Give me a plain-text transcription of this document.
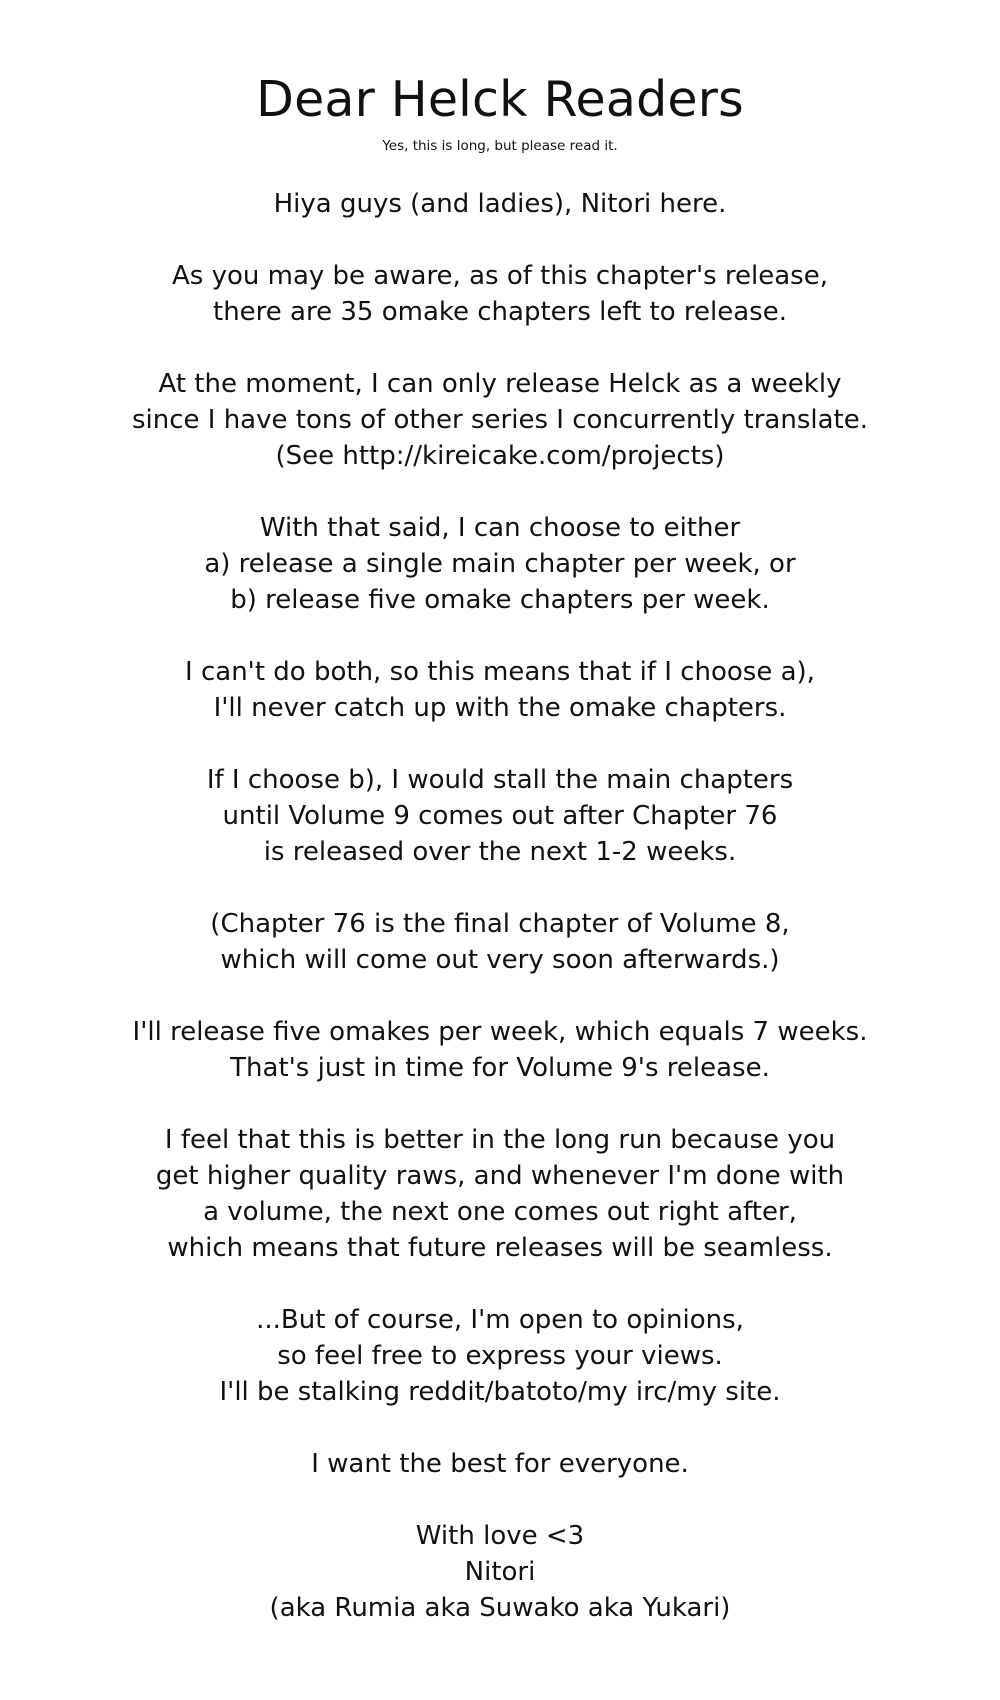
Dear Helck Readers
Yes, this is long, but please read it.

Hiya guys (and ladies), Nitori here.

As you may be aware, as of this chapter's release,
there are 35 omake chapters left to release.

At the moment, I can only release Helck as a weekly
since I have tons of other series I concurrently translate.
(See http://kireicake.com/projects)

With that said, I can choose to either
a) release a single main chapter per week, or
b) release five omake chapters per week.

I can't do both, so this means that if I choose a),
I'll never catch up with the omake chapters.

If I choose b), I would stall the main chapters
until Volume 9 comes out after Chapter 76
is released over the next 1-2 weeks.

(Chapter 76 is the final chapter of Volume 8,
which will come out very soon afterwards.)

I'll release five omakes per week, which equals 7 weeks.
That's just in time for Volume 9's release.

I feel that this is better in the long run because you
get higher quality raws, and whenever I'm done with
a volume, the next one comes out right after,
which means that future releases will be seamless.

...But of course, I'm open to opinions,
so feel free to express your views.
I'll be stalking reddit/batoto/my irc/my site.

I want the best for everyone.

With love <3
Nitori
(aka Rumia aka Suwako aka Yukari)
